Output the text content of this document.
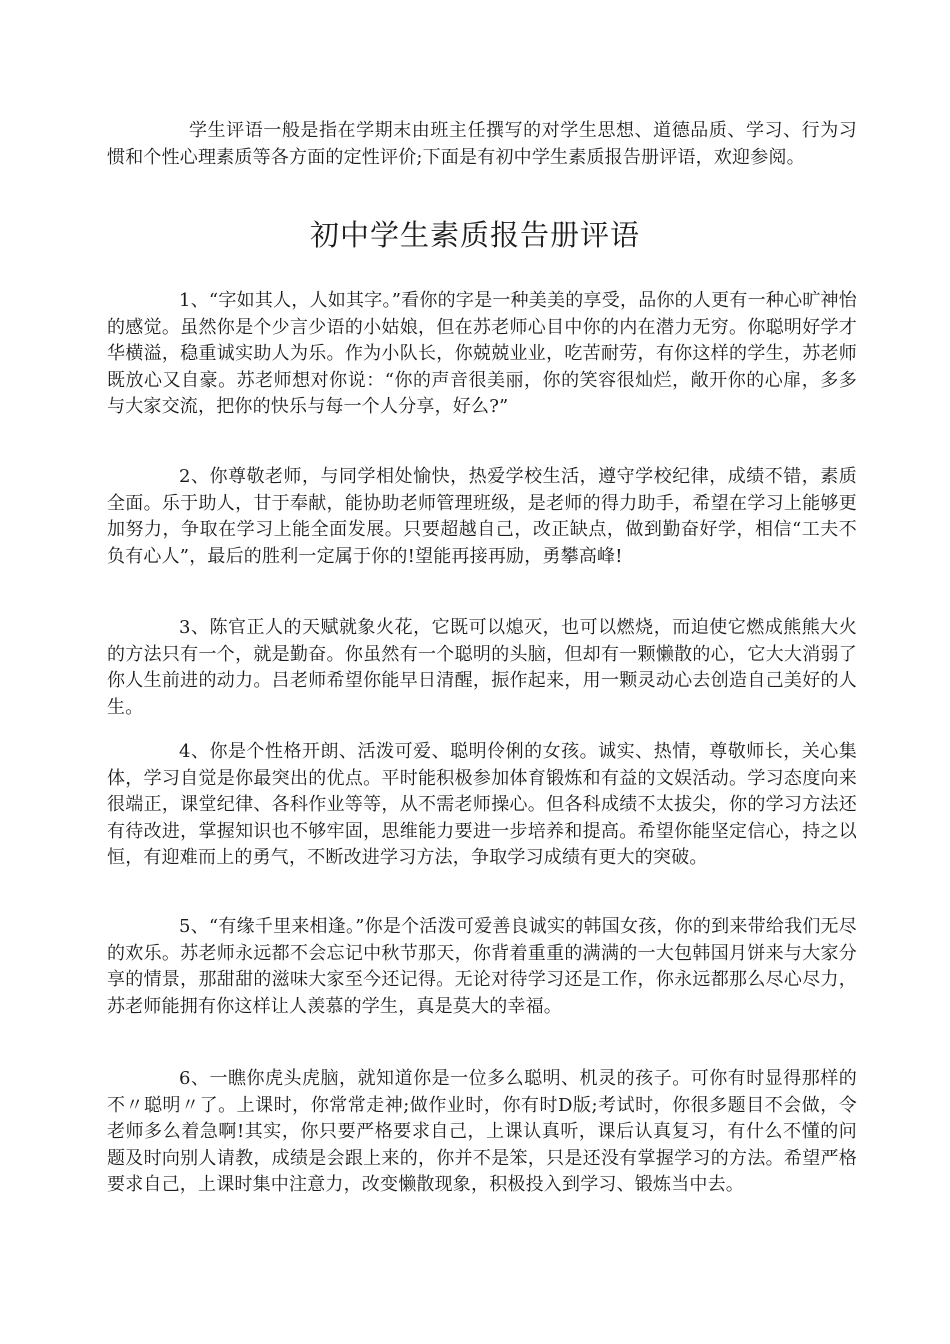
学生评语一般是指在学期末由班主任撰写的对学生思想、道德品质、学习、行为习惯和个性心理素质等各方面的定性评价;下面是有初中学生素质报告册评语，欢迎参阅。

初中学生素质报告册评语

1、“字如其人，人如其字。”看你的字是一种美美的享受，品你的人更有一种心旷神怡的感觉。虽然你是个少言少语的小姑娘，但在苏老师心目中你的内在潜力无穷。你聪明好学才华横溢，稳重诚实助人为乐。作为小队长，你兢兢业业，吃苦耐劳，有你这样的学生，苏老师既放心又自豪。苏老师想对你说：“你的声音很美丽，你的笑容很灿烂，敞开你的心扉，多多与大家交流，把你的快乐与每一个人分享，好么?”

2、你尊敬老师，与同学相处愉快，热爱学校生活，遵守学校纪律，成绩不错，素质全面。乐于助人，甘于奉献，能协助老师管理班级，是老师的得力助手，希望在学习上能够更加努力，争取在学习上能全面发展。只要超越自己，改正缺点，做到勤奋好学，相信“工夫不负有心人”，最后的胜利一定属于你的!望能再接再励，勇攀高峰!

3、陈官正人的天赋就象火花，它既可以熄灭，也可以燃烧，而迫使它燃成熊熊大火的方法只有一个，就是勤奋。你虽然有一个聪明的头脑，但却有一颗懒散的心，它大大消弱了你人生前进的动力。吕老师希望你能早日清醒，振作起来，用一颗灵动心去创造自己美好的人生。

4、你是个性格开朗、活泼可爱、聪明伶俐的女孩。诚实、热情，尊敬师长，关心集体，学习自觉是你最突出的优点。平时能积极参加体育锻炼和有益的文娱活动。学习态度向来很端正，课堂纪律、各科作业等等，从不需老师操心。但各科成绩不太拔尖，你的学习方法还有待改进，掌握知识也不够牢固，思维能力要进一步培养和提高。希望你能坚定信心，持之以恒，有迎难而上的勇气，不断改进学习方法，争取学习成绩有更大的突破。

5、“有缘千里来相逢。”你是个活泼可爱善良诚实的韩国女孩，你的到来带给我们无尽的欢乐。苏老师永远都不会忘记中秋节那天，你背着重重的满满的一大包韩国月饼来与大家分享的情景，那甜甜的滋味大家至今还记得。无论对待学习还是工作，你永远都那么尽心尽力，苏老师能拥有你这样让人羡慕的学生，真是莫大的幸福。

6、一瞧你虎头虎脑，就知道你是一位多么聪明、机灵的孩子。可你有时显得那样的不〃聪明〃了。上课时，你常常走神;做作业时，你有时D版;考试时，你很多题目不会做，令老师多么着急啊!其实，你只要严格要求自己，上课认真听，课后认真复习，有什么不懂的问题及时向别人请教，成绩是会跟上来的，你并不是笨，只是还没有掌握学习的方法。希望严格要求自己，上课时集中注意力，改变懒散现象，积极投入到学习、锻炼当中去。
